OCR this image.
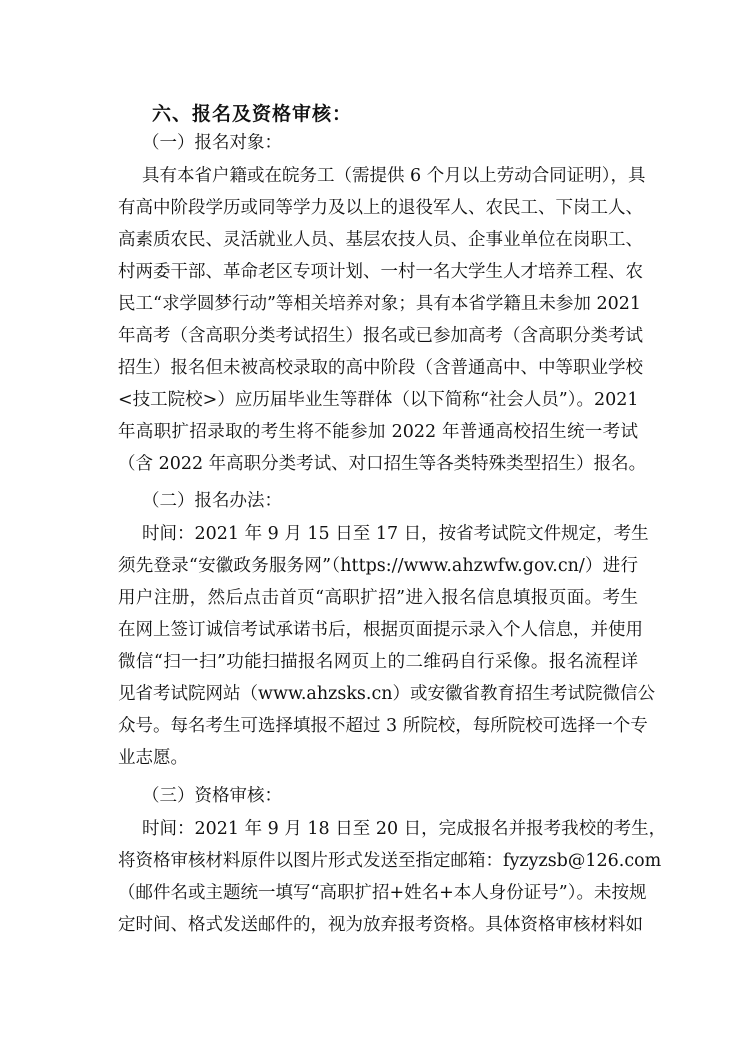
六、报名及资格审核：
（一）报名对象：
具有本省户籍或在皖务工（需提供 6 个月以上劳动合同证明），具
有高中阶段学历或同等学力及以上的退役军人、农民工、下岗工人、
高素质农民、灵活就业人员、基层农技人员、企事业单位在岗职工、
村两委干部、革命老区专项计划、一村一名大学生人才培养工程、农
民工“求学圆梦行动”等相关培养对象；具有本省学籍且未参加 2021
年高考（含高职分类考试招生）报名或已参加高考（含高职分类考试
招生）报名但未被高校录取的高中阶段（含普通高中、中等职业学校
<技工院校>）应历届毕业生等群体（以下简称“社会人员”）。2021
年高职扩招录取的考生将不能参加 2022 年普通高校招生统一考试
（含 2022 年高职分类考试、对口招生等各类特殊类型招生）报名。
（二）报名办法：
时间：2021 年 9 月 15 日至 17 日，按省考试院文件规定，考生
须先登录“安徽政务服务网”（https://www.ahzwfw.gov.cn/）进行
用户注册，然后点击首页“高职扩招”进入报名信息填报页面。考生
在网上签订诚信考试承诺书后，根据页面提示录入个人信息，并使用
微信“扫一扫”功能扫描报名网页上的二维码自行采像。报名流程详
见省考试院网站（www.ahzsks.cn）或安徽省教育招生考试院微信公
众号。每名考生可选择填报不超过 3 所院校，每所院校可选择一个专
业志愿。
（三）资格审核：
时间：2021 年 9 月 18 日至 20 日，完成报名并报考我校的考生，
将资格审核材料原件以图片形式发送至指定邮箱：fyzyzsb@126.com
（邮件名或主题统一填写“高职扩招+姓名+本人身份证号”）。未按规
定时间、格式发送邮件的，视为放弃报考资格。具体资格审核材料如
